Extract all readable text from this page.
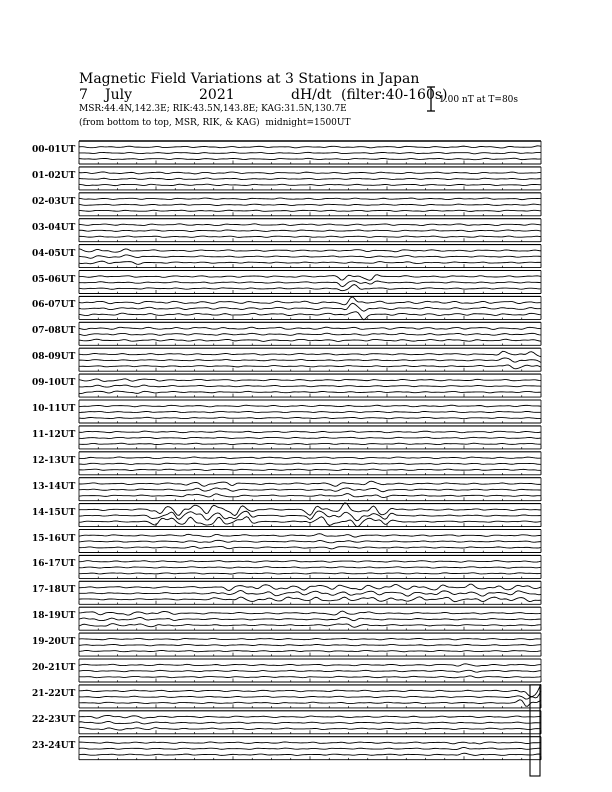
Magnetic Field Variations at 3 Stations in Japan

7

July

	2021

	dH/dt

(filter:40-160s)

MSR:44.4N,142.3E; RIK:43.5N,143.8E; KAG:31.5N,130.7E
(from bottom to top, MSR, RIK, & KAG) midnight=1500UT
1.00 nT at T=80s
00-01UT
01-02UT
02-03UT
03-04UT
04-05UT
05-06UT
06-07UT
07-08UT
08-09UT
09-10UT
10-11UT
11-12UT
12-13UT
13-14UT
14-15UT
15-16UT
16-17UT
17-18UT
18-19UT
19-20UT
20-21UT
21-22UT
22-23UT
23-24UT
